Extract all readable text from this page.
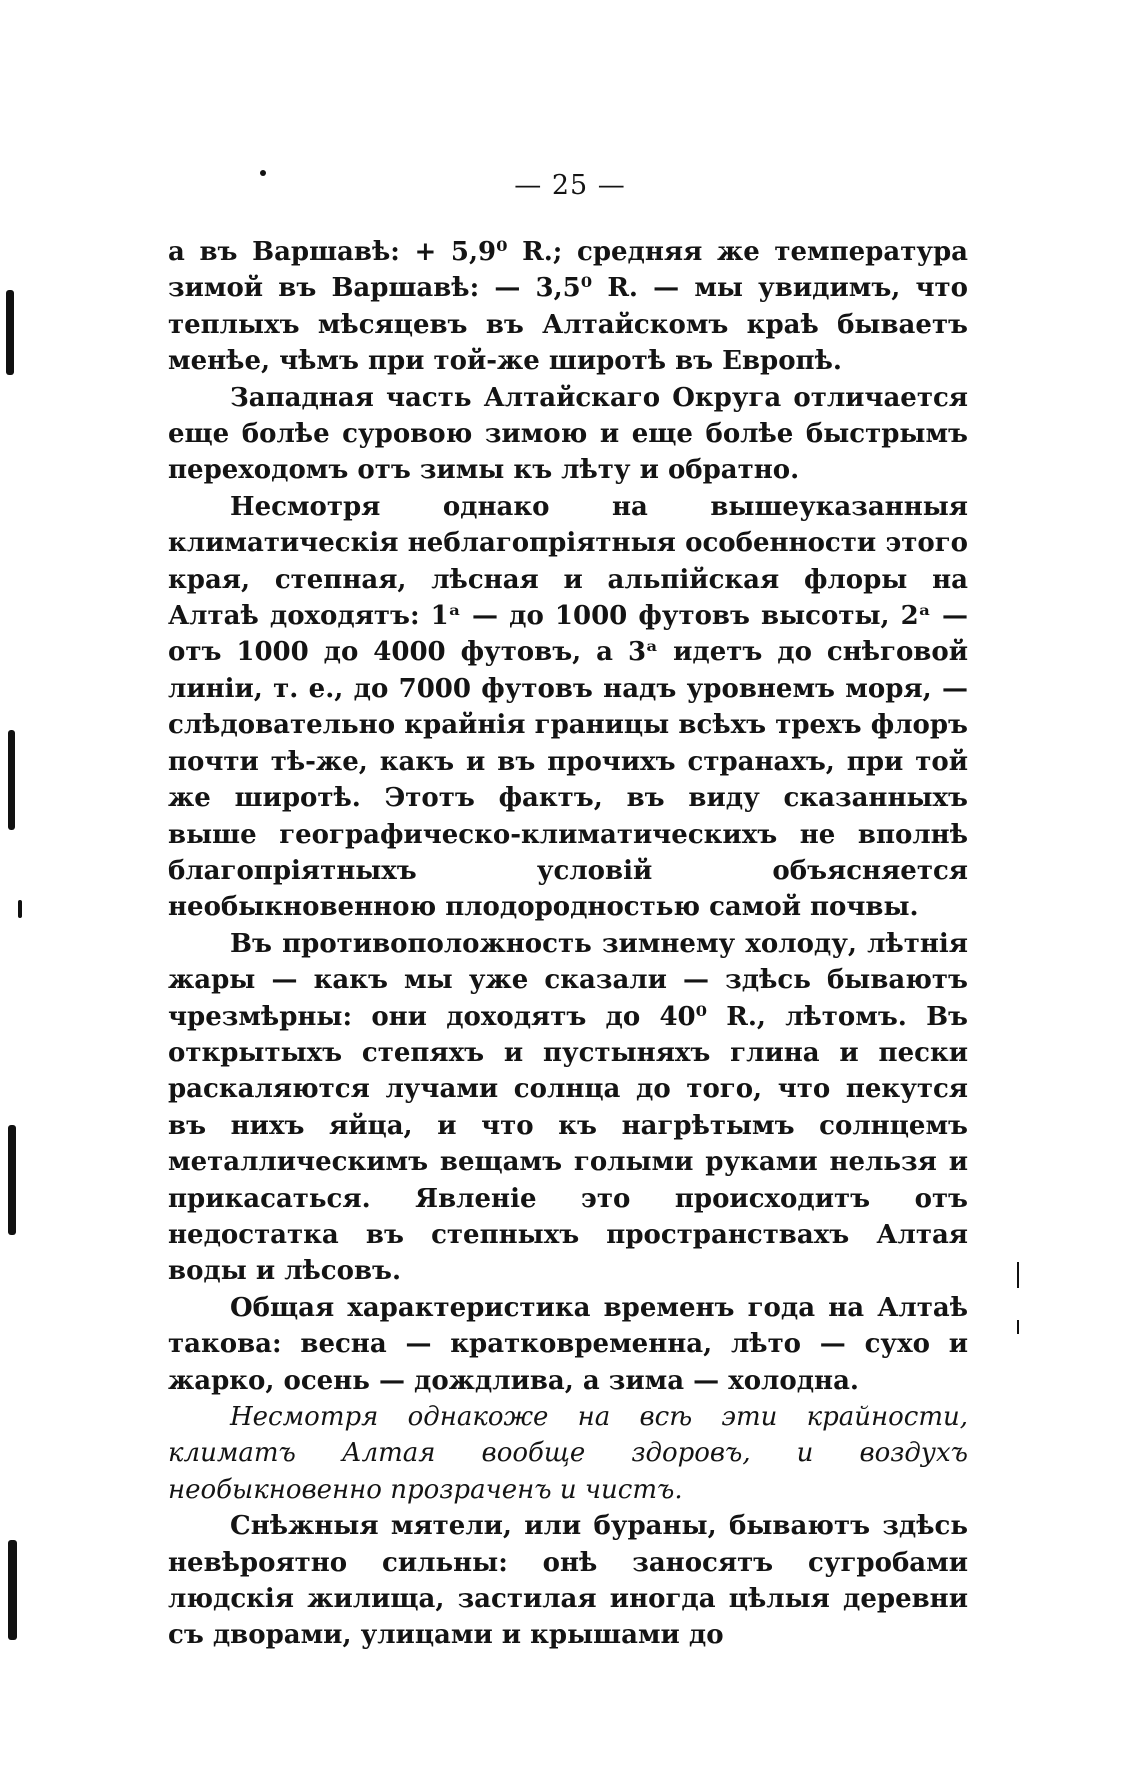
— 25 —

а въ Варшавѣ: + 5,9⁰ R.; средняя же температура зимой въ Варшавѣ: — 3,5⁰ R. — мы увидимъ, что теплыхъ мѣсяцевъ въ Алтайскомъ краѣ бываетъ менѣе, чѣмъ при той-же широтѣ въ Европѣ.

Западная часть Алтайскаго Округа отличается еще болѣе суровою зимою и еще болѣе быстрымъ переходомъ отъ зимы къ лѣту и обратно.

Несмотря однако на вышеуказанныя климатическія неблагопріятныя особенности этого края, степная, лѣсная и альпійская флоры на Алтаѣ доходятъ: 1ᵃ — до 1000 футовъ высоты, 2ᵃ — отъ 1000 до 4000 футовъ, а 3ᵃ идетъ до снѣговой линіи, т. е., до 7000 футовъ надъ уровнемъ моря, — слѣдовательно крайнія границы всѣхъ трехъ флоръ почти тѣ-же, какъ и въ прочихъ странахъ, при той же широтѣ. Этотъ фактъ, въ виду сказанныхъ выше географическо-климатическихъ не вполнѣ благопріятныхъ условій объясняется необыкновенною плодородностью самой почвы.

Въ противоположность зимнему холоду, лѣтнія жары — какъ мы уже сказали — здѣсь бываютъ чрезмѣрны: они доходятъ до 40⁰ R., лѣтомъ. Въ открытыхъ степяхъ и пустыняхъ глина и пески раскаляются лучами солнца до того, что пекутся въ нихъ яйца, и что къ нагрѣтымъ солнцемъ металлическимъ вещамъ голыми руками нельзя и прикасаться. Явленіе это происходитъ отъ недостатка въ степныхъ пространствахъ Алтая воды и лѣсовъ.

Общая характеристика временъ года на Алтаѣ такова: весна — кратковременна, лѣто — сухо и жарко, осень — дождлива, а зима — холодна.

Несмотря однакоже на всѣ эти крайности, климатъ Алтая вообще здоровъ, и воздухъ необыкновенно прозраченъ и чистъ.

Снѣжныя мятели, или бураны, бываютъ здѣсь невѣроятно сильны: онѣ заносятъ сугробами людскія жилища, застилая иногда цѣлыя деревни съ дворами, улицами и крышами до
